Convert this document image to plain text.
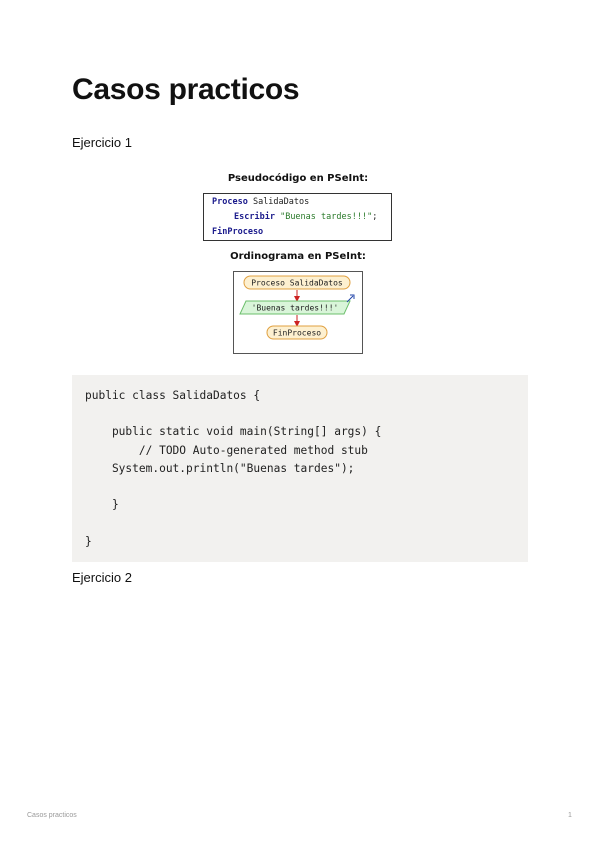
Casos practicos

Ejercicio 1

Pseudocódigo en PSeInt:
Proceso SalidaDatos
Escribir "Buenas tardes!!!";
FinProceso
Ordinograma en PSeInt:
Proceso SalidaDatos
'Buenas tardes!!!'
FinProceso
public class SalidaDatos {
public static void main(String[] args) {
// TODO Auto-generated method stub
System.out.println("Buenas tardes");
}
}

Ejercicio 2

Casos practicos	1
